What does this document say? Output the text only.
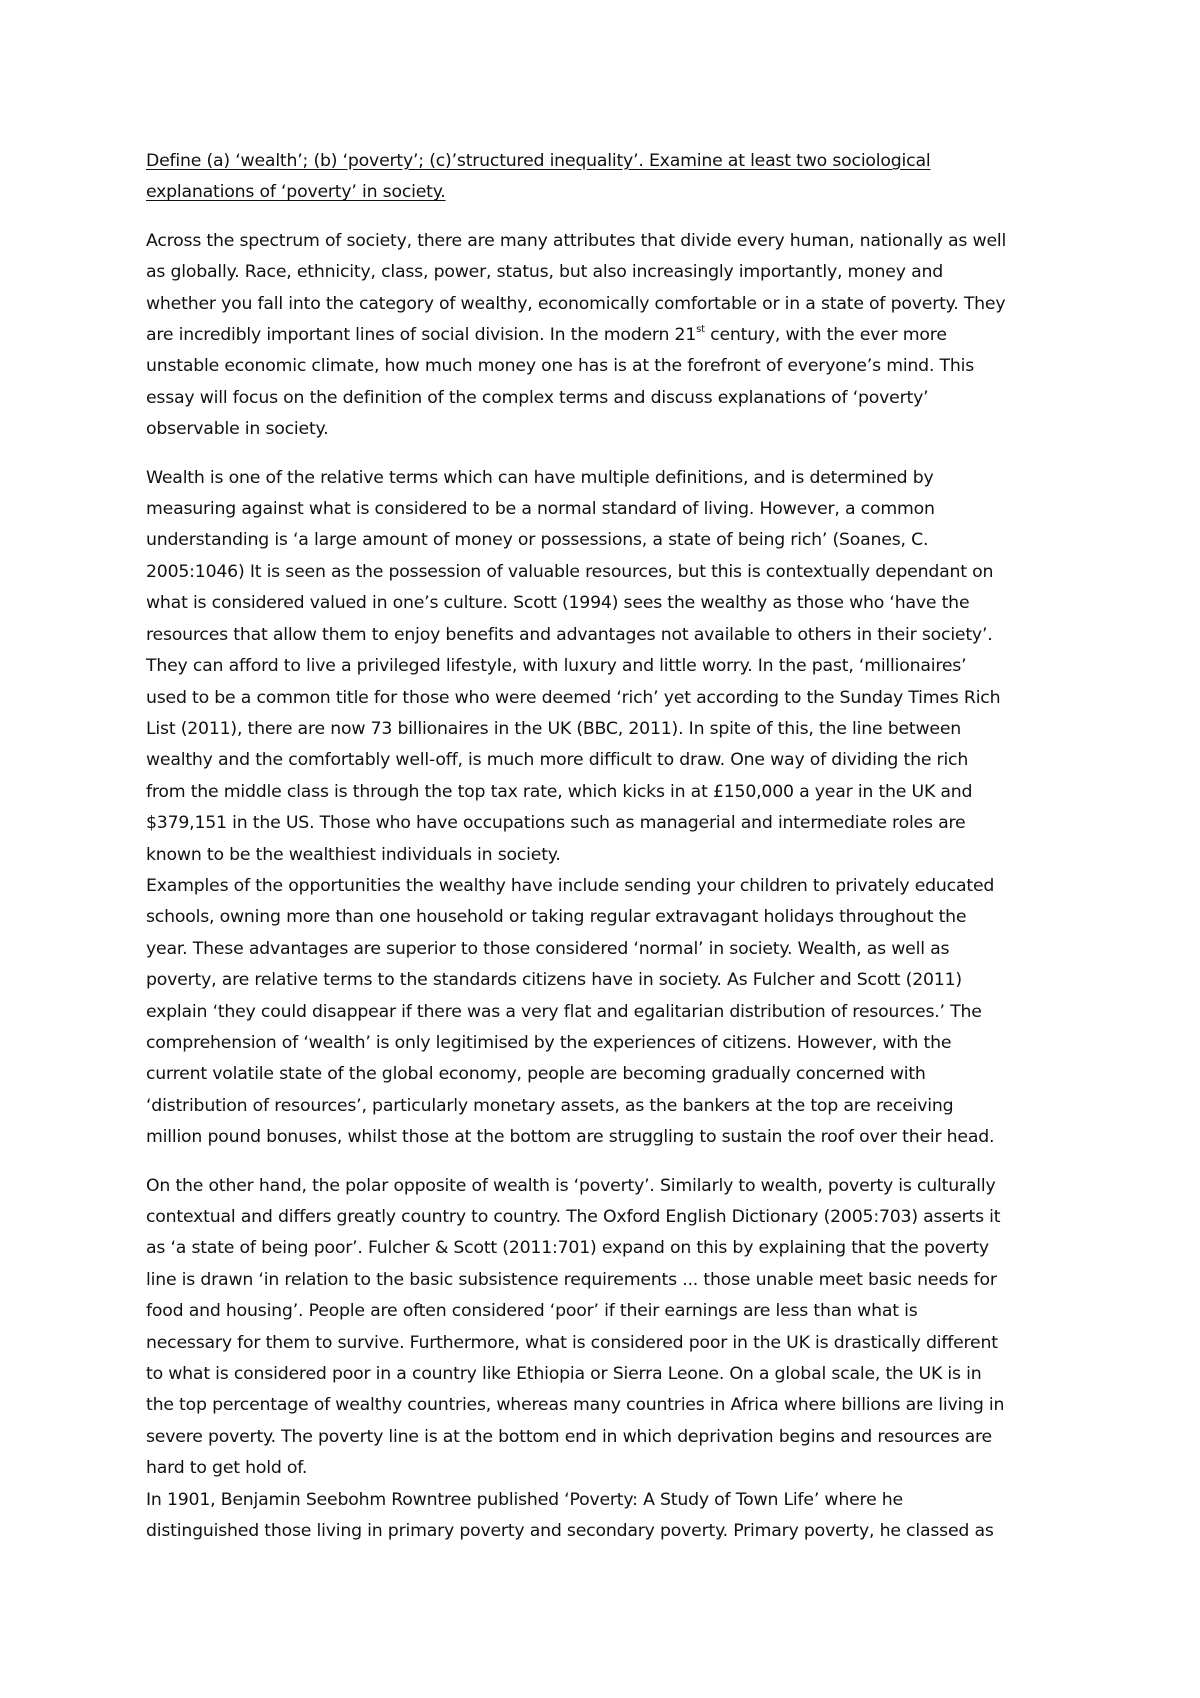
Define (a) ‘wealth’; (b) ‘poverty’; (c)’structured inequality’. Examine at least two sociological
explanations of ‘poverty’ in society.
Across the spectrum of society, there are many attributes that divide every human, nationally as well
as globally. Race, ethnicity, class, power, status, but also increasingly importantly, money and
whether you fall into the category of wealthy, economically comfortable or in a state of poverty. They
are incredibly important lines of social division. In the modern 21st century, with the ever more
unstable economic climate, how much money one has is at the forefront of everyone’s mind. This
essay will focus on the definition of the complex terms and discuss explanations of ‘poverty’
observable in society.
Wealth is one of the relative terms which can have multiple definitions, and is determined by
measuring against what is considered to be a normal standard of living. However, a common
understanding is ‘a large amount of money or possessions, a state of being rich’ (Soanes, C.
2005:1046) It is seen as the possession of valuable resources, but this is contextually dependant on
what is considered valued in one’s culture. Scott (1994) sees the wealthy as those who ‘have the
resources that allow them to enjoy benefits and advantages not available to others in their society’.
They can afford to live a privileged lifestyle, with luxury and little worry. In the past, ‘millionaires’
used to be a common title for those who were deemed ‘rich’ yet according to the Sunday Times Rich
List (2011), there are now 73 billionaires in the UK (BBC, 2011). In spite of this, the line between
wealthy and the comfortably well-off, is much more difficult to draw. One way of dividing the rich
from the middle class is through the top tax rate, which kicks in at £150,000 a year in the UK and
$379,151 in the US. Those who have occupations such as managerial and intermediate roles are
known to be the wealthiest individuals in society.
Examples of the opportunities the wealthy have include sending your children to privately educated
schools, owning more than one household or taking regular extravagant holidays throughout the
year. These advantages are superior to those considered ‘normal’ in society. Wealth, as well as
poverty, are relative terms to the standards citizens have in society. As Fulcher and Scott (2011)
explain ‘they could disappear if there was a very flat and egalitarian distribution of resources.’ The
comprehension of ‘wealth’ is only legitimised by the experiences of citizens. However, with the
current volatile state of the global economy, people are becoming gradually concerned with
‘distribution of resources’, particularly monetary assets, as the bankers at the top are receiving
million pound bonuses, whilst those at the bottom are struggling to sustain the roof over their head.
On the other hand, the polar opposite of wealth is ‘poverty’. Similarly to wealth, poverty is culturally
contextual and differs greatly country to country. The Oxford English Dictionary (2005:703) asserts it
as ‘a state of being poor’. Fulcher & Scott (2011:701) expand on this by explaining that the poverty
line is drawn ‘in relation to the basic subsistence requirements ... those unable meet basic needs for
food and housing’. People are often considered ‘poor’ if their earnings are less than what is
necessary for them to survive. Furthermore, what is considered poor in the UK is drastically different
to what is considered poor in a country like Ethiopia or Sierra Leone. On a global scale, the UK is in
the top percentage of wealthy countries, whereas many countries in Africa where billions are living in
severe poverty. The poverty line is at the bottom end in which deprivation begins and resources are
hard to get hold of.
In 1901, Benjamin Seebohm Rowntree published ‘Poverty: A Study of Town Life’ where he
distinguished those living in primary poverty and secondary poverty. Primary poverty, he classed as
